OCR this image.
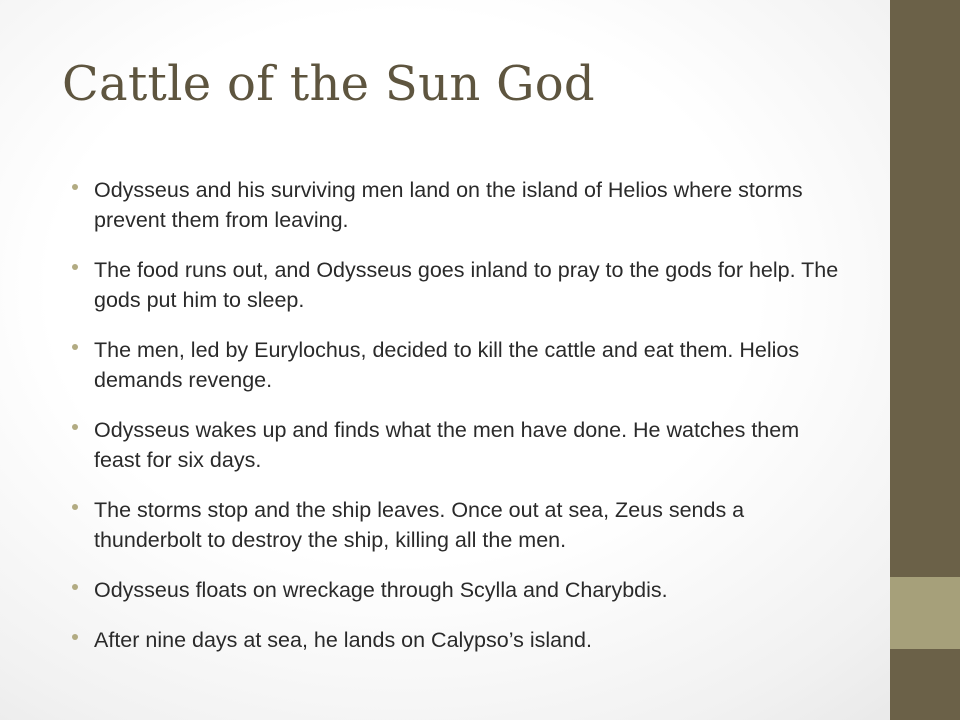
Cattle of the Sun God
Odysseus and his surviving men land on the island of Helios where storms prevent them from leaving.
The food runs out, and Odysseus goes inland to pray to the gods for help. The gods put him to sleep.
The men, led by Eurylochus, decided to kill the cattle and eat them. Helios demands revenge.
Odysseus wakes up and finds what the men have done. He watches them feast for six days.
The storms stop and the ship leaves. Once out at sea, Zeus sends a thunderbolt to destroy the ship, killing all the men.
Odysseus floats on wreckage through Scylla and Charybdis.
After nine days at sea, he lands on Calypso’s island.
